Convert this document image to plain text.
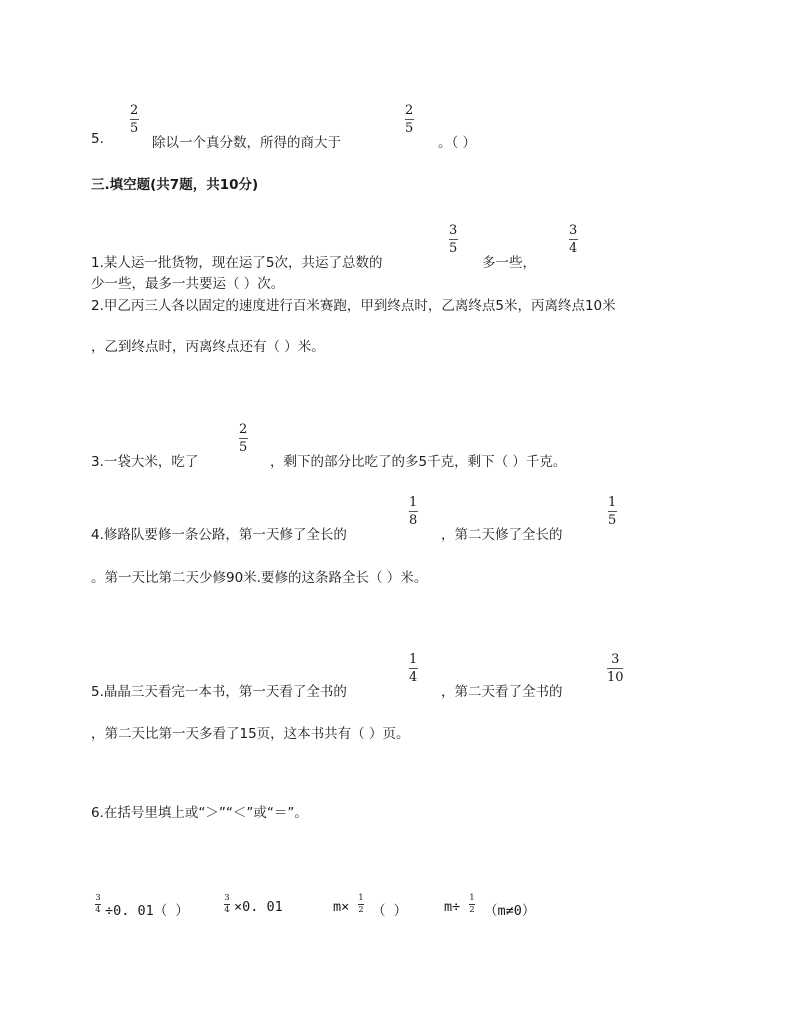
2
5
5.	除以一个真分数，所得的商大于
2
5
。（ ）
三.填空题(共7题，共10分)
1.某人运一批货物，现在运了5次，共运了总数的
3
5
多一些，
3
4
少一些，最多一共要运（ ）次。
2.甲乙丙三人各以固定的速度进行百米赛跑，甲到终点时，乙离终点5米，丙离终点10米
，乙到终点时，丙离终点还有（ ）米。
2
5
3.一袋大米，吃了	，剩下的部分比吃了的多5千克，剩下（ ）千克。
4.修路队要修一条公路，第一天修了全长的
1
8
，第二天修了全长的
1
5
。第一天比第二天少修90米.要修的这条路全长（ ）米。
5.晶晶三天看完一本书，第一天看了全书的
1
4
，第二天看了全书的
3
10
，第二天比第一天多看了15页，这本书共有（ ）页。
6.在括号里填上或“＞”“＜”或“＝”。
3
4 ÷0. 01（ ）
3
4 ×0. 01	m×
1
2 （ ）	m÷
1
2 （m≠0）
